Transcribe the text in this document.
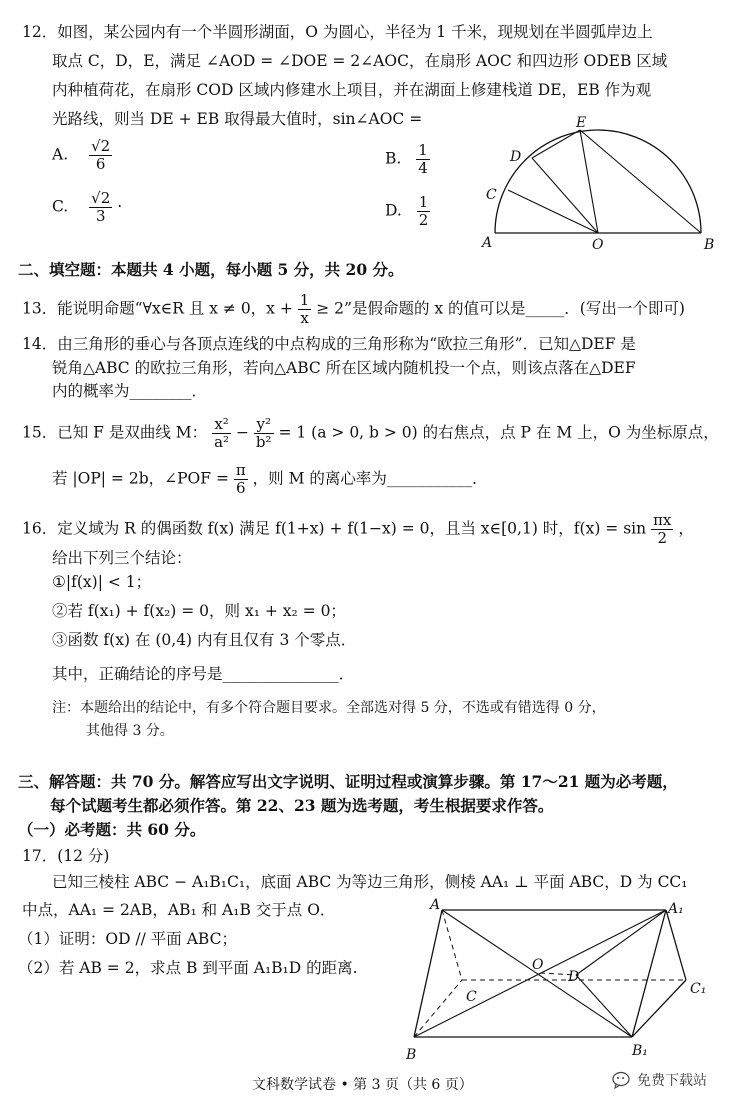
12．如图，某公园内有一个半圆形湖面，O 为圆心，半径为 1 千米，现规划在半圆弧岸边上
取点 C，D，E，满足 ∠AOD = ∠DOE = 2∠AOC，在扇形 AOC 和四边形 ODEB 区域
内种植荷花，在扇形 COD 区域内修建水上项目，并在湖面上修建栈道 DE，EB 作为观
光路线，则当 DE + EB 取得最大值时，sin∠AOC =
A. $\frac{√2}{6}$	B. $\frac{1}{4}$
C. $\frac{√2}{3}$ ·	D. $\frac{1}{2}$
E
D
C
A	O	B
二、填空题：本题共 4 小题，每小题 5 分，共 20 分。
13．能说明命题“∀x∈R 且 x ≠ 0，$x + \frac{1}{x} \ge 2$”是假命题的 x 的值可以是_____．(写出一个即可)
14．由三角形的垂心与各顶点连线的中点构成的三角形称为“欧拉三角形”．已知△DEF 是
锐角△ABC 的欧拉三角形，若向△ABC 所在区域内随机投一个点，则该点落在△DEF
内的概率为________．
15．已知 F 是双曲线 M： $\frac{\text{x²}}{\text{a²}} - \frac{\text{y²}}{\text{b²}} = 1$ (a > 0, b > 0) 的右焦点，点 P 在 M 上，O 为坐标原点，
若 |OP| = 2b，∠POF = $\frac{\pi}{6}$ ，则 M 的离心率为___________．
16．定义域为 R 的偶函数 f(x) 满足 f(1+x) + f(1−x) = 0，且当 x∈[0,1) 时，$f(x) = \sin \frac{\pi x}{2}$ ，
给出下列三个结论：
①|f(x)| < 1；
②若 f(x₁) + f(x₂) = 0，则 x₁ + x₂ = 0；
③函数 f(x) 在 (0,4) 内有且仅有 3 个零点．
其中，正确结论的序号是_______________．
注：本题给出的结论中，有多个符合题目要求。全部选对得 5 分，不选或有错选得 0 分，
其他得 3 分。
三、解答题：共 70 分。解答应写出文字说明、证明过程或演算步骤。第 17～21 题为必考题，
每个试题考生都必须作答。第 22、23 题为选考题，考生根据要求作答。
（一）必考题：共 60 分。
17．(12 分)
已知三棱柱 ABC − A₁B₁C₁，底面 ABC 为等边三角形，侧棱 AA₁ ⊥ 平面 ABC，D 为 CC₁
中点，AA₁ = 2AB，AB₁ 和 A₁B 交于点 O．
（1）证明：OD // 平面 ABC；
（2）若 AB = 2，求点 B 到平面 A₁B₁D 的距离.
A	A₁
O
D
C	C₁
B	B₁
文科数学试卷 • 第 3 页（共 6 页）	免费下载站
